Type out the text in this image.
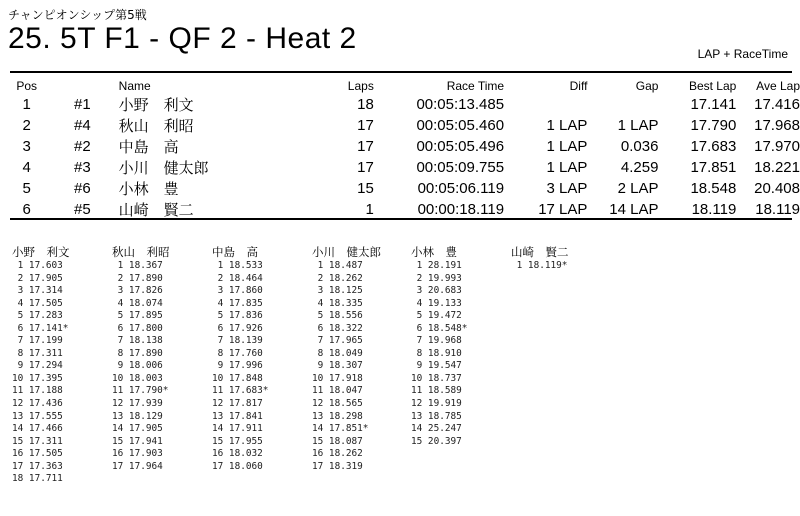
チャンピオンシップ第5戦
25. 5T F1 - QF 2 - Heat 2	LAP + RaceTime
Pos		Name	Laps	Race Time	Diff	Gap	Best Lap	Ave Lap
1	#1	小野　利文	18	00:05:13.485			17.141	17.416
2	#4	秋山　利昭	17	00:05:05.460	1 LAP	1 LAP	17.790	17.968
3	#2	中島　高	17	00:05:05.496	1 LAP	0.036	17.683	17.970
4	#3	小川　健太郎	17	00:05:09.755	1 LAP	4.259	17.851	18.221
5	#6	小林　豊	15	00:05:06.119	3 LAP	2 LAP	18.548	20.408
6	#5	山崎　賢二	1	00:00:18.119	17 LAP	14 LAP	18.119	18.119
小野　利文
1 17.603
2 17.905
3 17.314
4 17.505
5 17.283
6 17.141*
7 17.199
8 17.311
9 17.294
10 17.395
11 17.188
12 17.436
13 17.555
14 17.466
15 17.311
16 17.505
17 17.363
18 17.711
秋山　利昭
1 18.367
2 17.890
3 17.826
4 18.074
5 17.895
6 17.800
7 18.138
8 17.890
9 18.006
10 18.003
11 17.790*
12 17.939
13 18.129
14 17.905
15 17.941
16 17.903
17 17.964
中島　高
1 18.533
2 18.464
3 17.860
4 17.835
5 17.836
6 17.926
7 18.139
8 17.760
9 17.996
10 17.848
11 17.683*
12 17.817
13 17.841
14 17.911
15 17.955
16 18.032
17 18.060
小川　健太郎
1 18.487
2 18.262
3 18.125
4 18.335
5 18.556
6 18.322
7 17.965
8 18.049
9 18.307
10 17.918
11 18.047
12 18.565
13 18.298
14 17.851*
15 18.087
16 18.262
17 18.319
小林　豊
1 28.191
2 19.993
3 20.683
4 19.133
5 19.472
6 18.548*
7 19.968
8 18.910
9 19.547
10 18.737
11 18.589
12 19.919
13 18.785
14 25.247
15 20.397
山崎　賢二
1 18.119*
